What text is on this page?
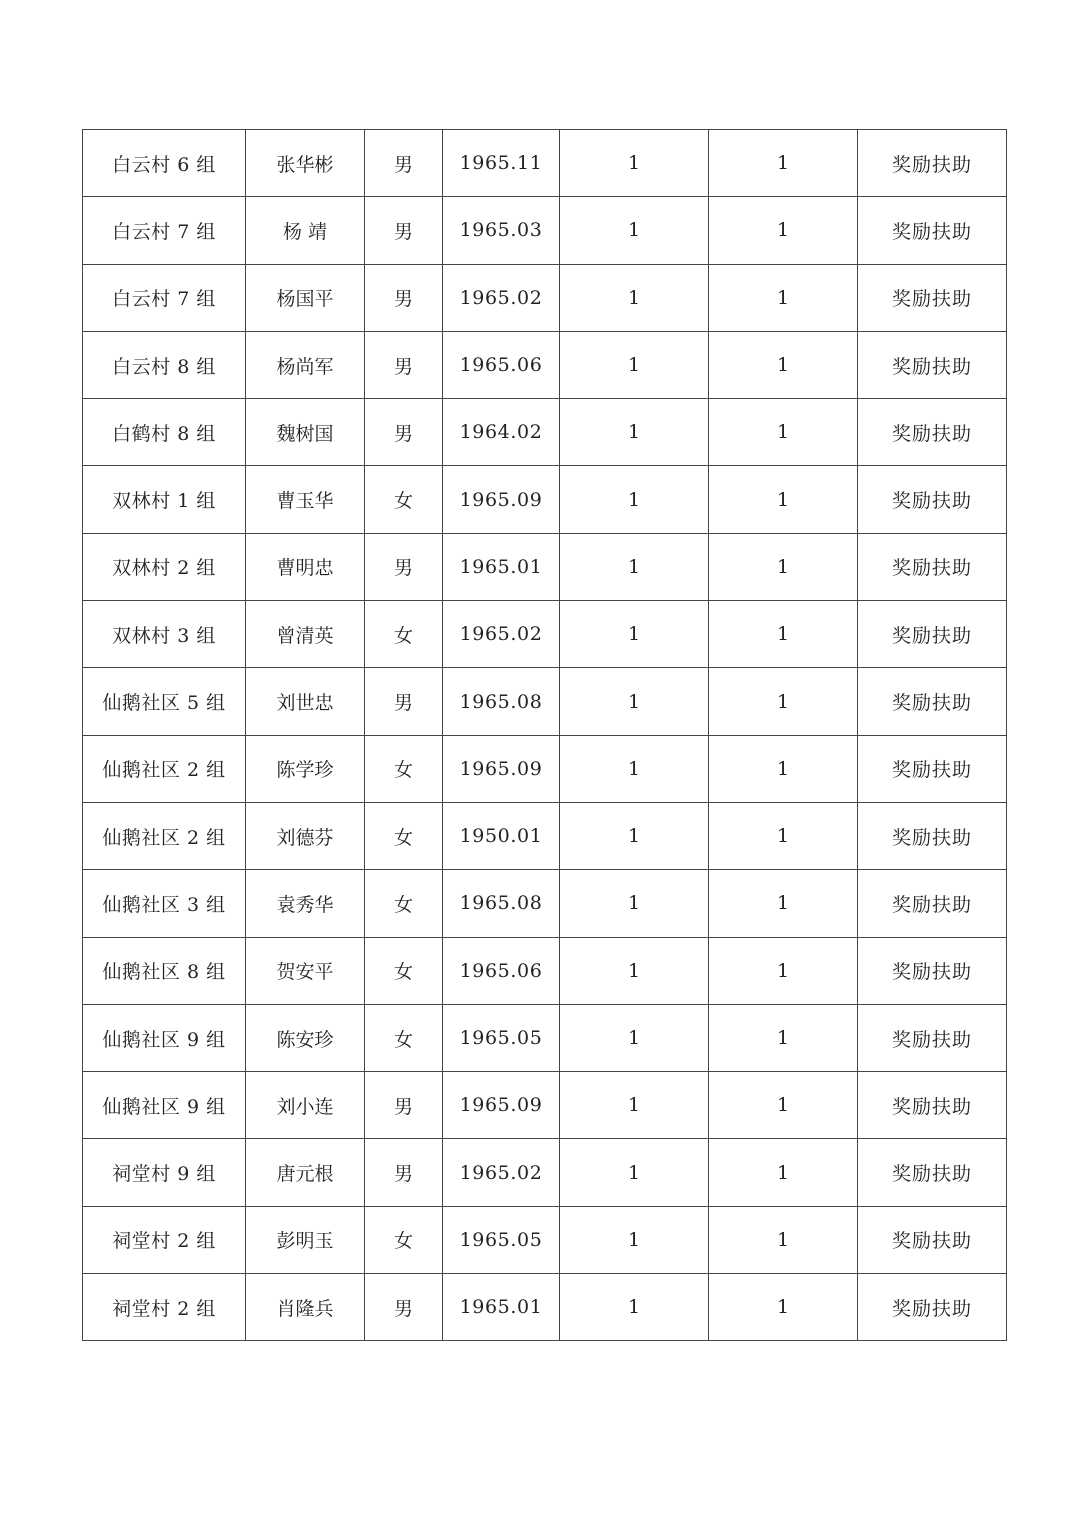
白云村 6 组	张华彬	男	1965.11	1	1	奖励扶助
白云村 7 组	杨 靖	男	1965.03	1	1	奖励扶助
白云村 7 组	杨国平	男	1965.02	1	1	奖励扶助
白云村 8 组	杨尚军	男	1965.06	1	1	奖励扶助
白鹤村 8 组	魏树国	男	1964.02	1	1	奖励扶助
双林村 1 组	曹玉华	女	1965.09	1	1	奖励扶助
双林村 2 组	曹明忠	男	1965.01	1	1	奖励扶助
双林村 3 组	曾清英	女	1965.02	1	1	奖励扶助
仙鹅社区 5 组	刘世忠	男	1965.08	1	1	奖励扶助
仙鹅社区 2 组	陈学珍	女	1965.09	1	1	奖励扶助
仙鹅社区 2 组	刘德芬	女	1950.01	1	1	奖励扶助
仙鹅社区 3 组	袁秀华	女	1965.08	1	1	奖励扶助
仙鹅社区 8 组	贺安平	女	1965.06	1	1	奖励扶助
仙鹅社区 9 组	陈安珍	女	1965.05	1	1	奖励扶助
仙鹅社区 9 组	刘小连	男	1965.09	1	1	奖励扶助
祠堂村 9 组	唐元根	男	1965.02	1	1	奖励扶助
祠堂村 2 组	彭明玉	女	1965.05	1	1	奖励扶助
祠堂村 2 组	肖隆兵	男	1965.01	1	1	奖励扶助
